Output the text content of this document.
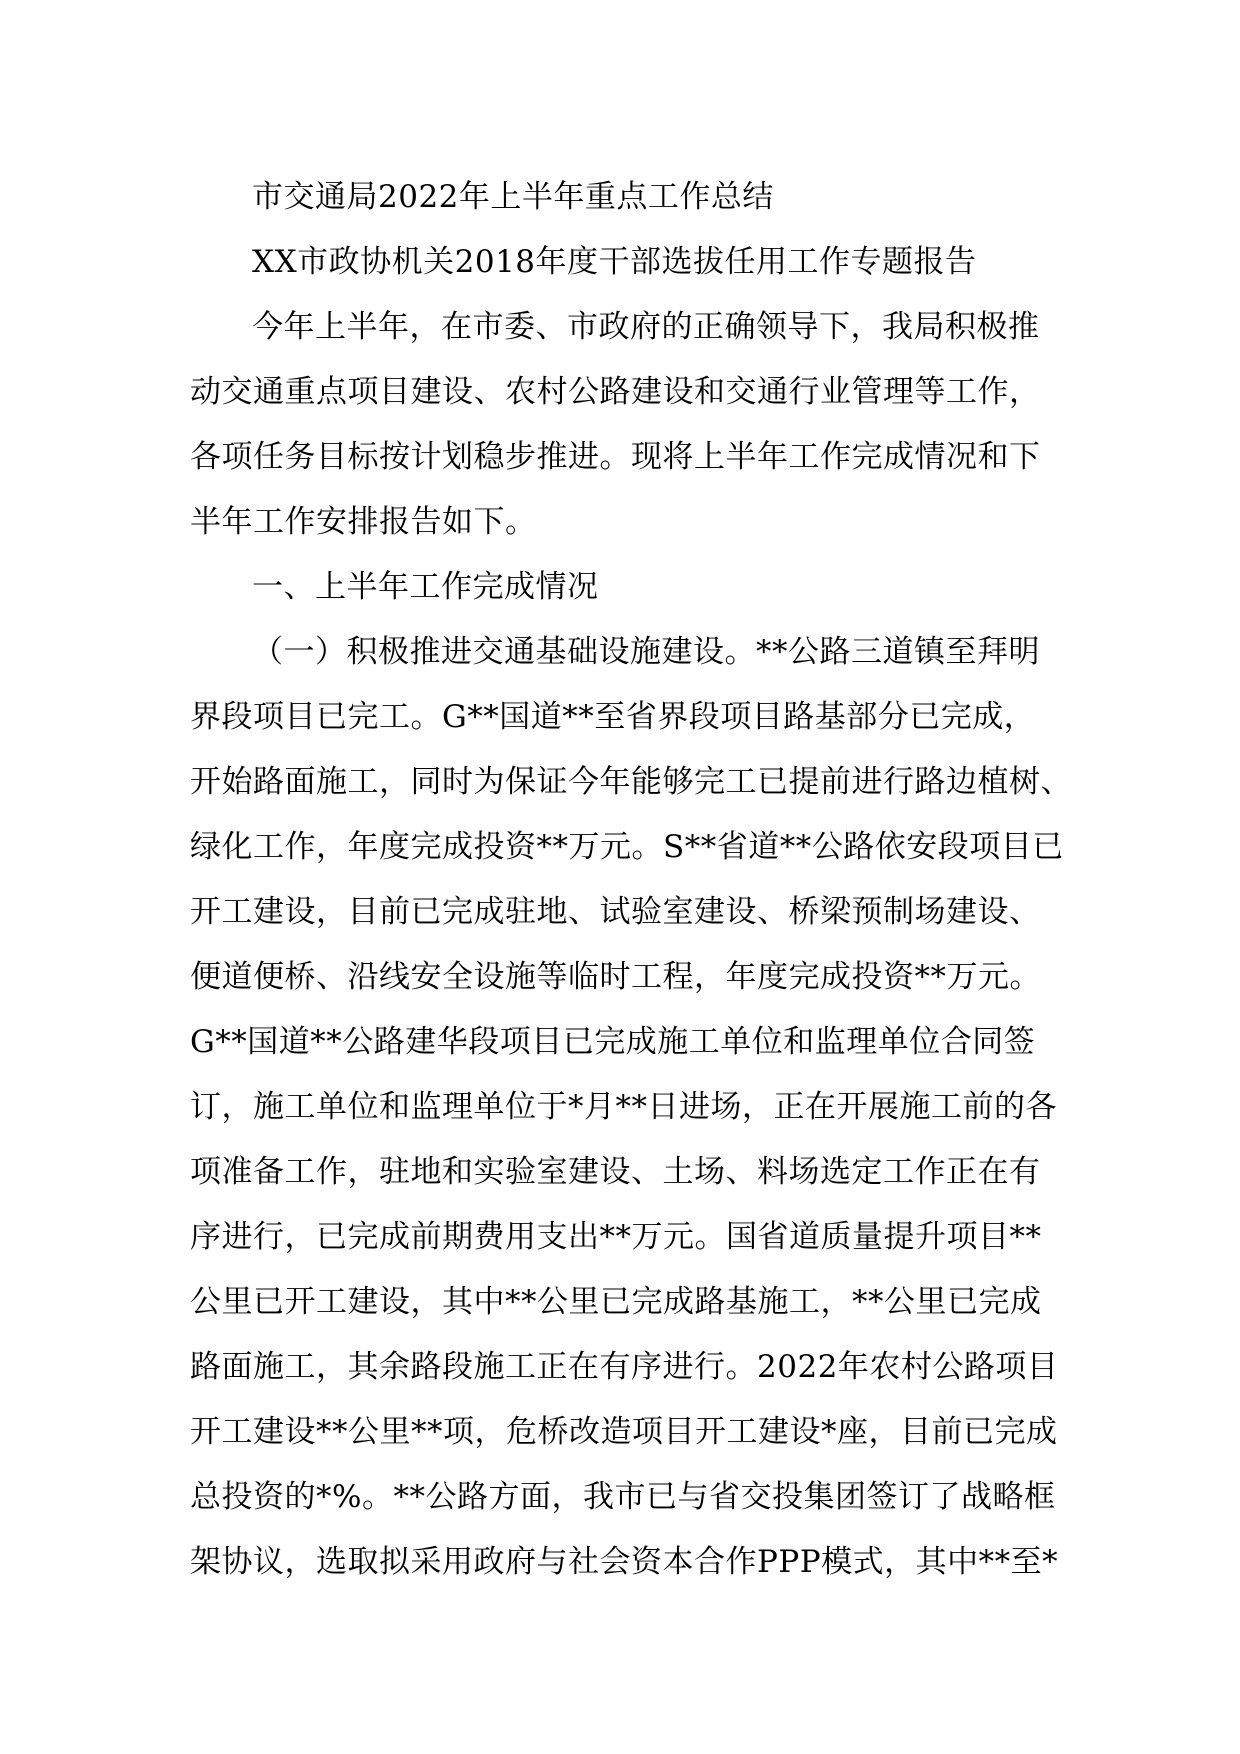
市交通局2022年上半年重点工作总结
XX市政协机关2018年度干部选拔任用工作专题报告
今年上半年，在市委、市政府的正确领导下，我局积极推
动交通重点项目建设、农村公路建设和交通行业管理等工作，
各项任务目标按计划稳步推进。现将上半年工作完成情况和下
半年工作安排报告如下。
一、上半年工作完成情况
（一）积极推进交通基础设施建设。**公路三道镇至拜明
界段项目已完工。G**国道**至省界段项目路基部分已完成，
开始路面施工，同时为保证今年能够完工已提前进行路边植树、
绿化工作，年度完成投资**万元。S**省道**公路依安段项目已
开工建设，目前已完成驻地、试验室建设、桥梁预制场建设、
便道便桥、沿线安全设施等临时工程，年度完成投资**万元。
G**国道**公路建华段项目已完成施工单位和监理单位合同签
订，施工单位和监理单位于*月**日进场，正在开展施工前的各
项准备工作，驻地和实验室建设、土场、料场选定工作正在有
序进行，已完成前期费用支出**万元。国省道质量提升项目**
公里已开工建设，其中**公里已完成路基施工，**公里已完成
路面施工，其余路段施工正在有序进行。2022年农村公路项目
开工建设**公里**项，危桥改造项目开工建设*座，目前已完成
总投资的*%。**公路方面，我市已与省交投集团签订了战略框
架协议，选取拟采用政府与社会资本合作PPP模式，其中**至*
